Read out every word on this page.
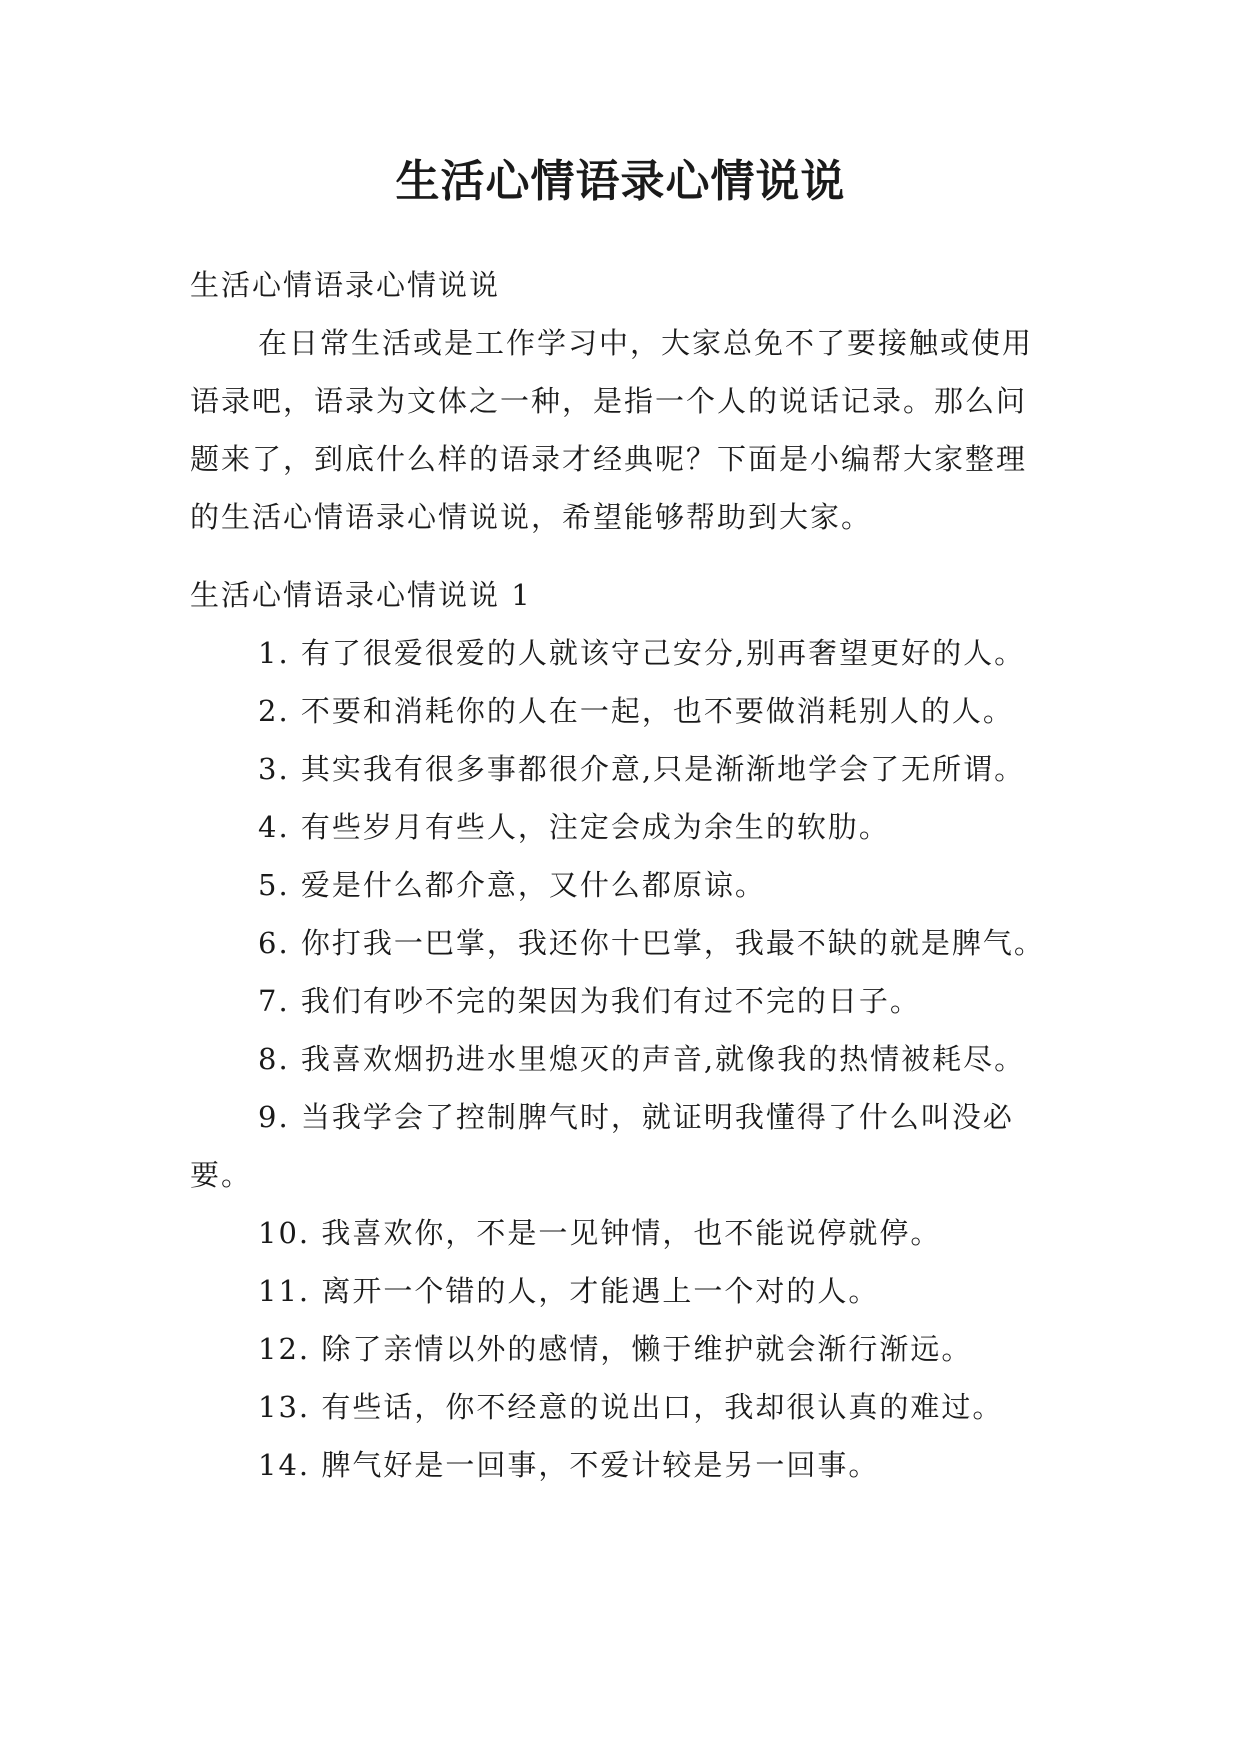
生活心情语录心情说说

生活心情语录心情说说

在日常生活或是工作学习中，大家总免不了要接触或使用语录吧，语录为文体之一种，是指一个人的说话记录。那么问题来了，到底什么样的语录才经典呢？下面是小编帮大家整理的生活心情语录心情说说，希望能够帮助到大家。

生活心情语录心情说说 1

1. 有了很爱很爱的人就该守己安分,别再奢望更好的人。
2. 不要和消耗你的人在一起，也不要做消耗别人的人。
3. 其实我有很多事都很介意,只是渐渐地学会了无所谓。
4. 有些岁月有些人，注定会成为余生的软肋。
5. 爱是什么都介意，又什么都原谅。
6. 你打我一巴掌，我还你十巴掌，我最不缺的就是脾气。
7. 我们有吵不完的架因为我们有过不完的日子。
8. 我喜欢烟扔进水里熄灭的声音,就像我的热情被耗尽。
9. 当我学会了控制脾气时，就证明我懂得了什么叫没必要。
10. 我喜欢你，不是一见钟情，也不能说停就停。
11. 离开一个错的人，才能遇上一个对的人。
12. 除了亲情以外的感情，懒于维护就会渐行渐远。
13. 有些话，你不经意的说出口，我却很认真的难过。
14. 脾气好是一回事，不爱计较是另一回事。
